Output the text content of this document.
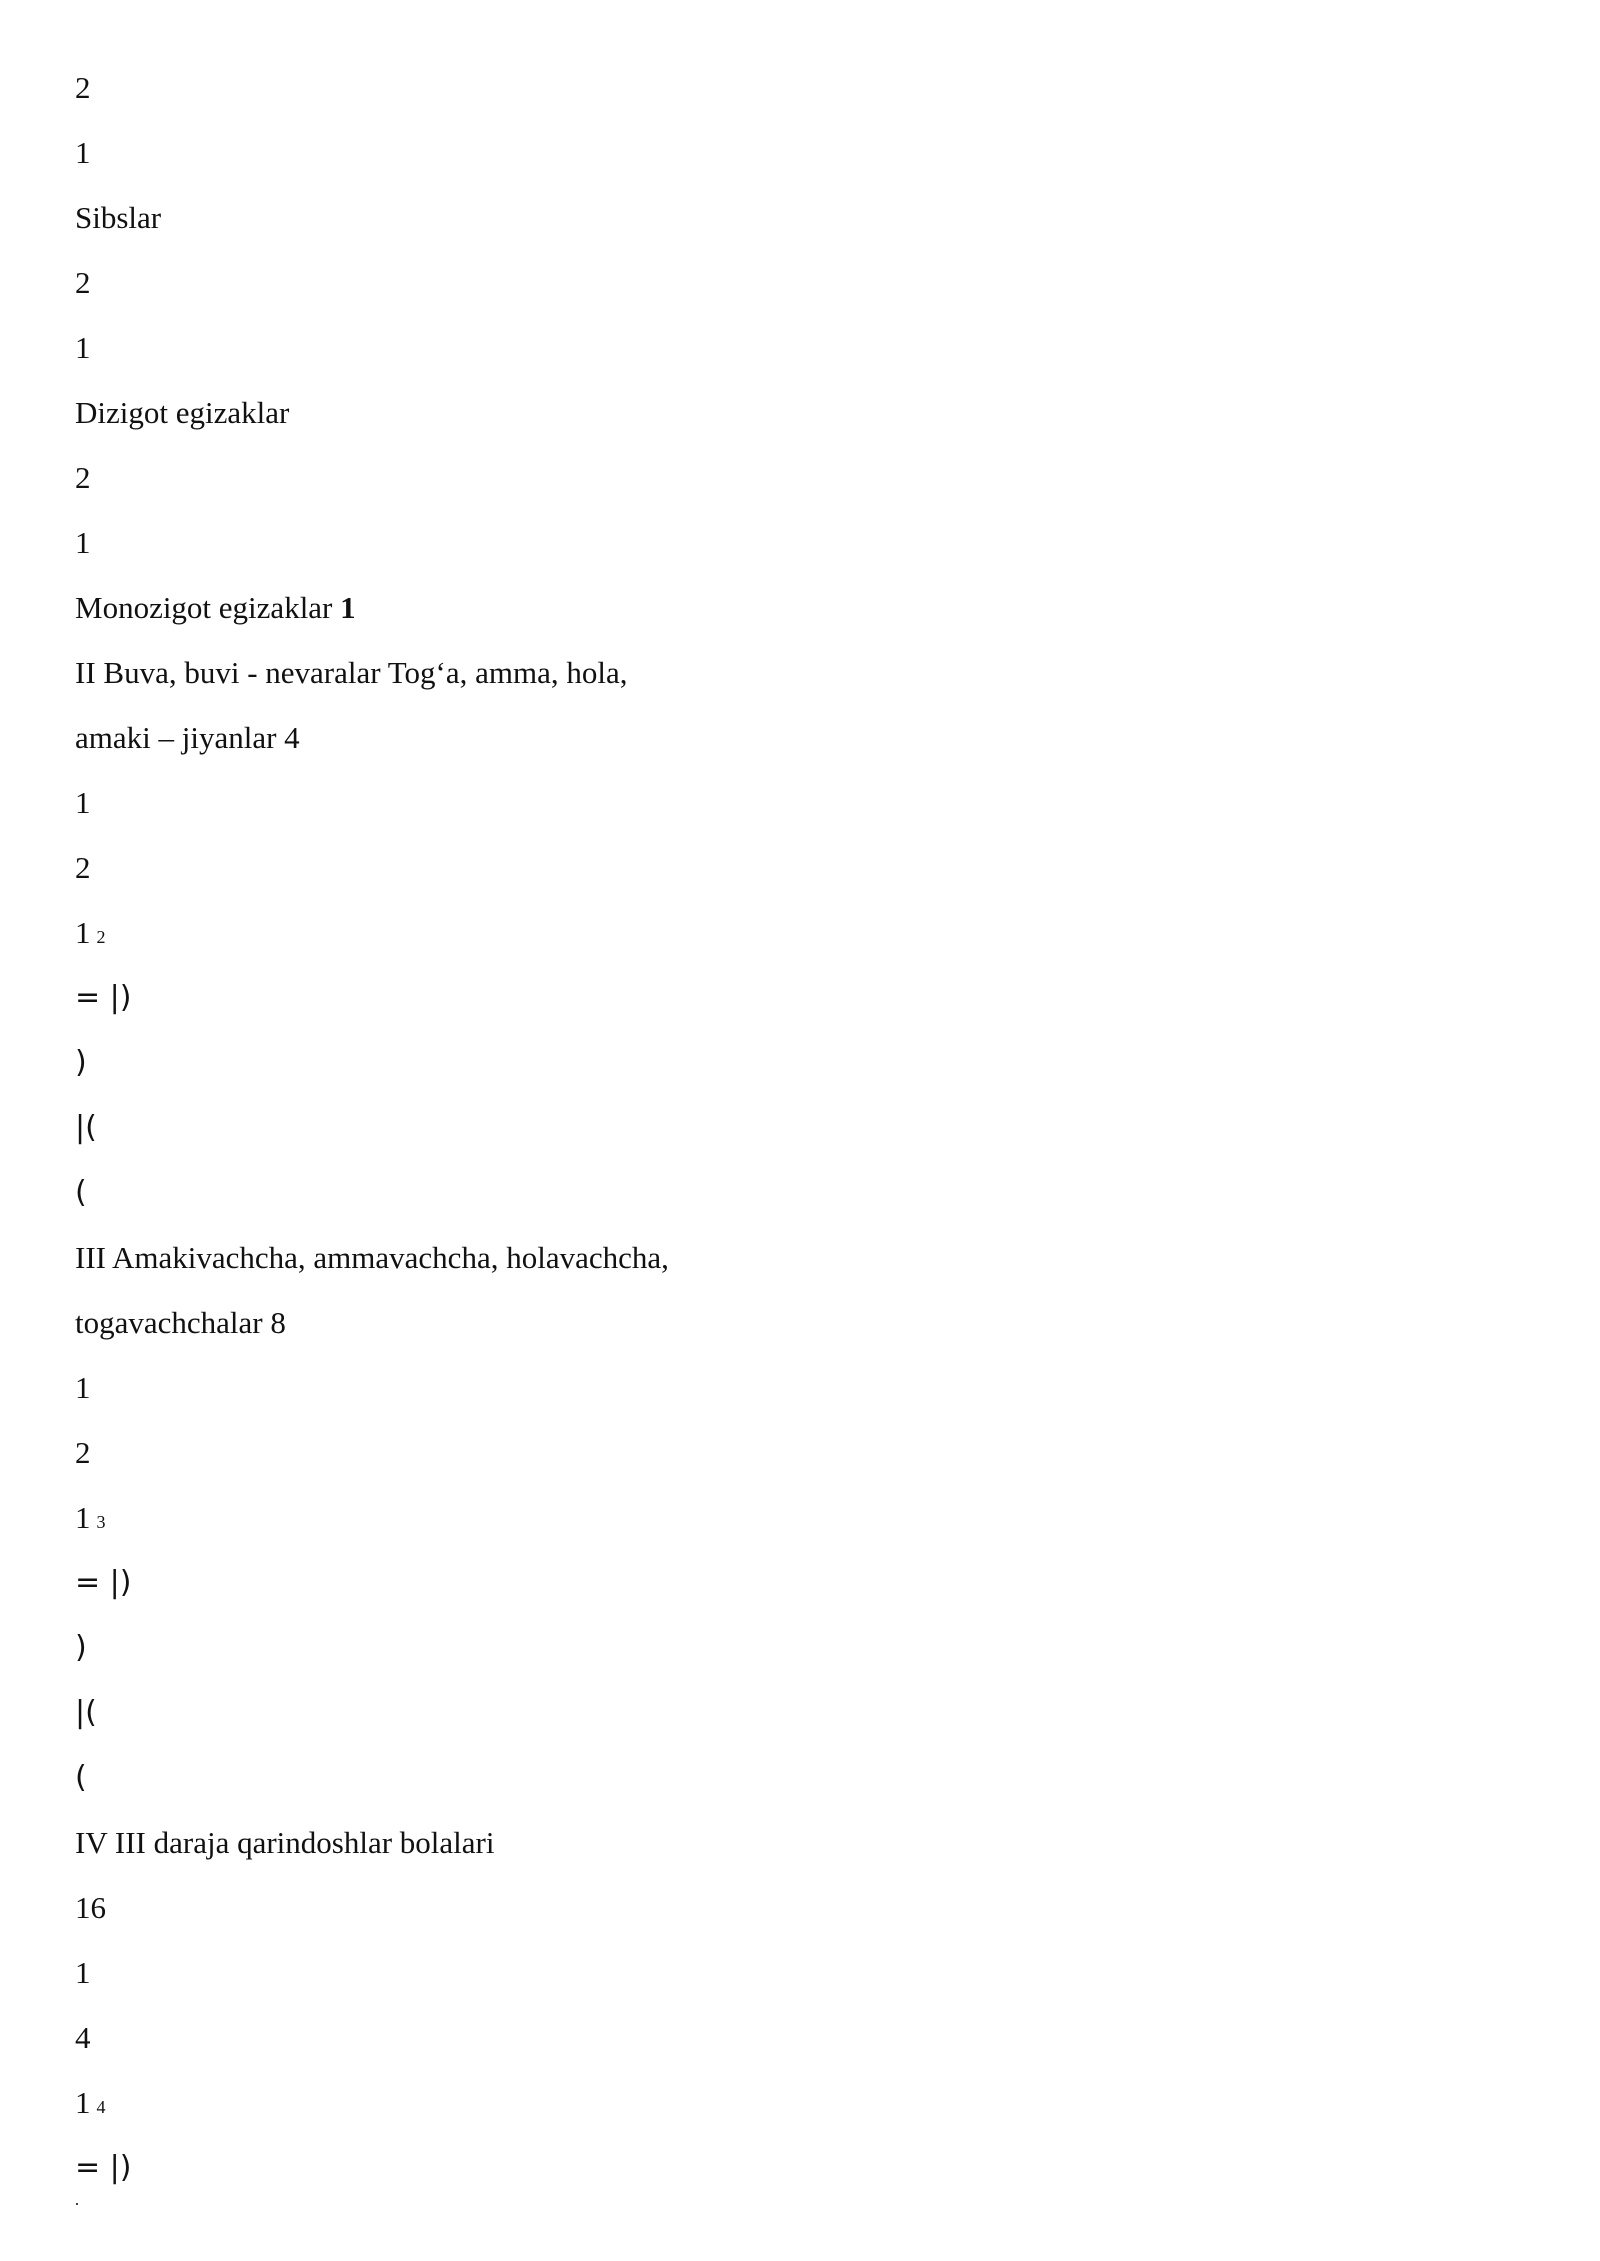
2
1
Sibslar
2
1
Dizigot egizaklar
2
1
Monozigot egizaklar 1
II Buva, buvi - nevaralar Tog‘a, amma, hola,
amaki – jiyanlar 4
1
2
1 2
= |)
)
|(
(
III Amakivachcha, ammavachcha, holavachcha,
togavachchalar 8
1
2
1 3
= |)
)
|(
(
IV III daraja qarindoshlar bolalari
16
1
4
1 4
= |)
